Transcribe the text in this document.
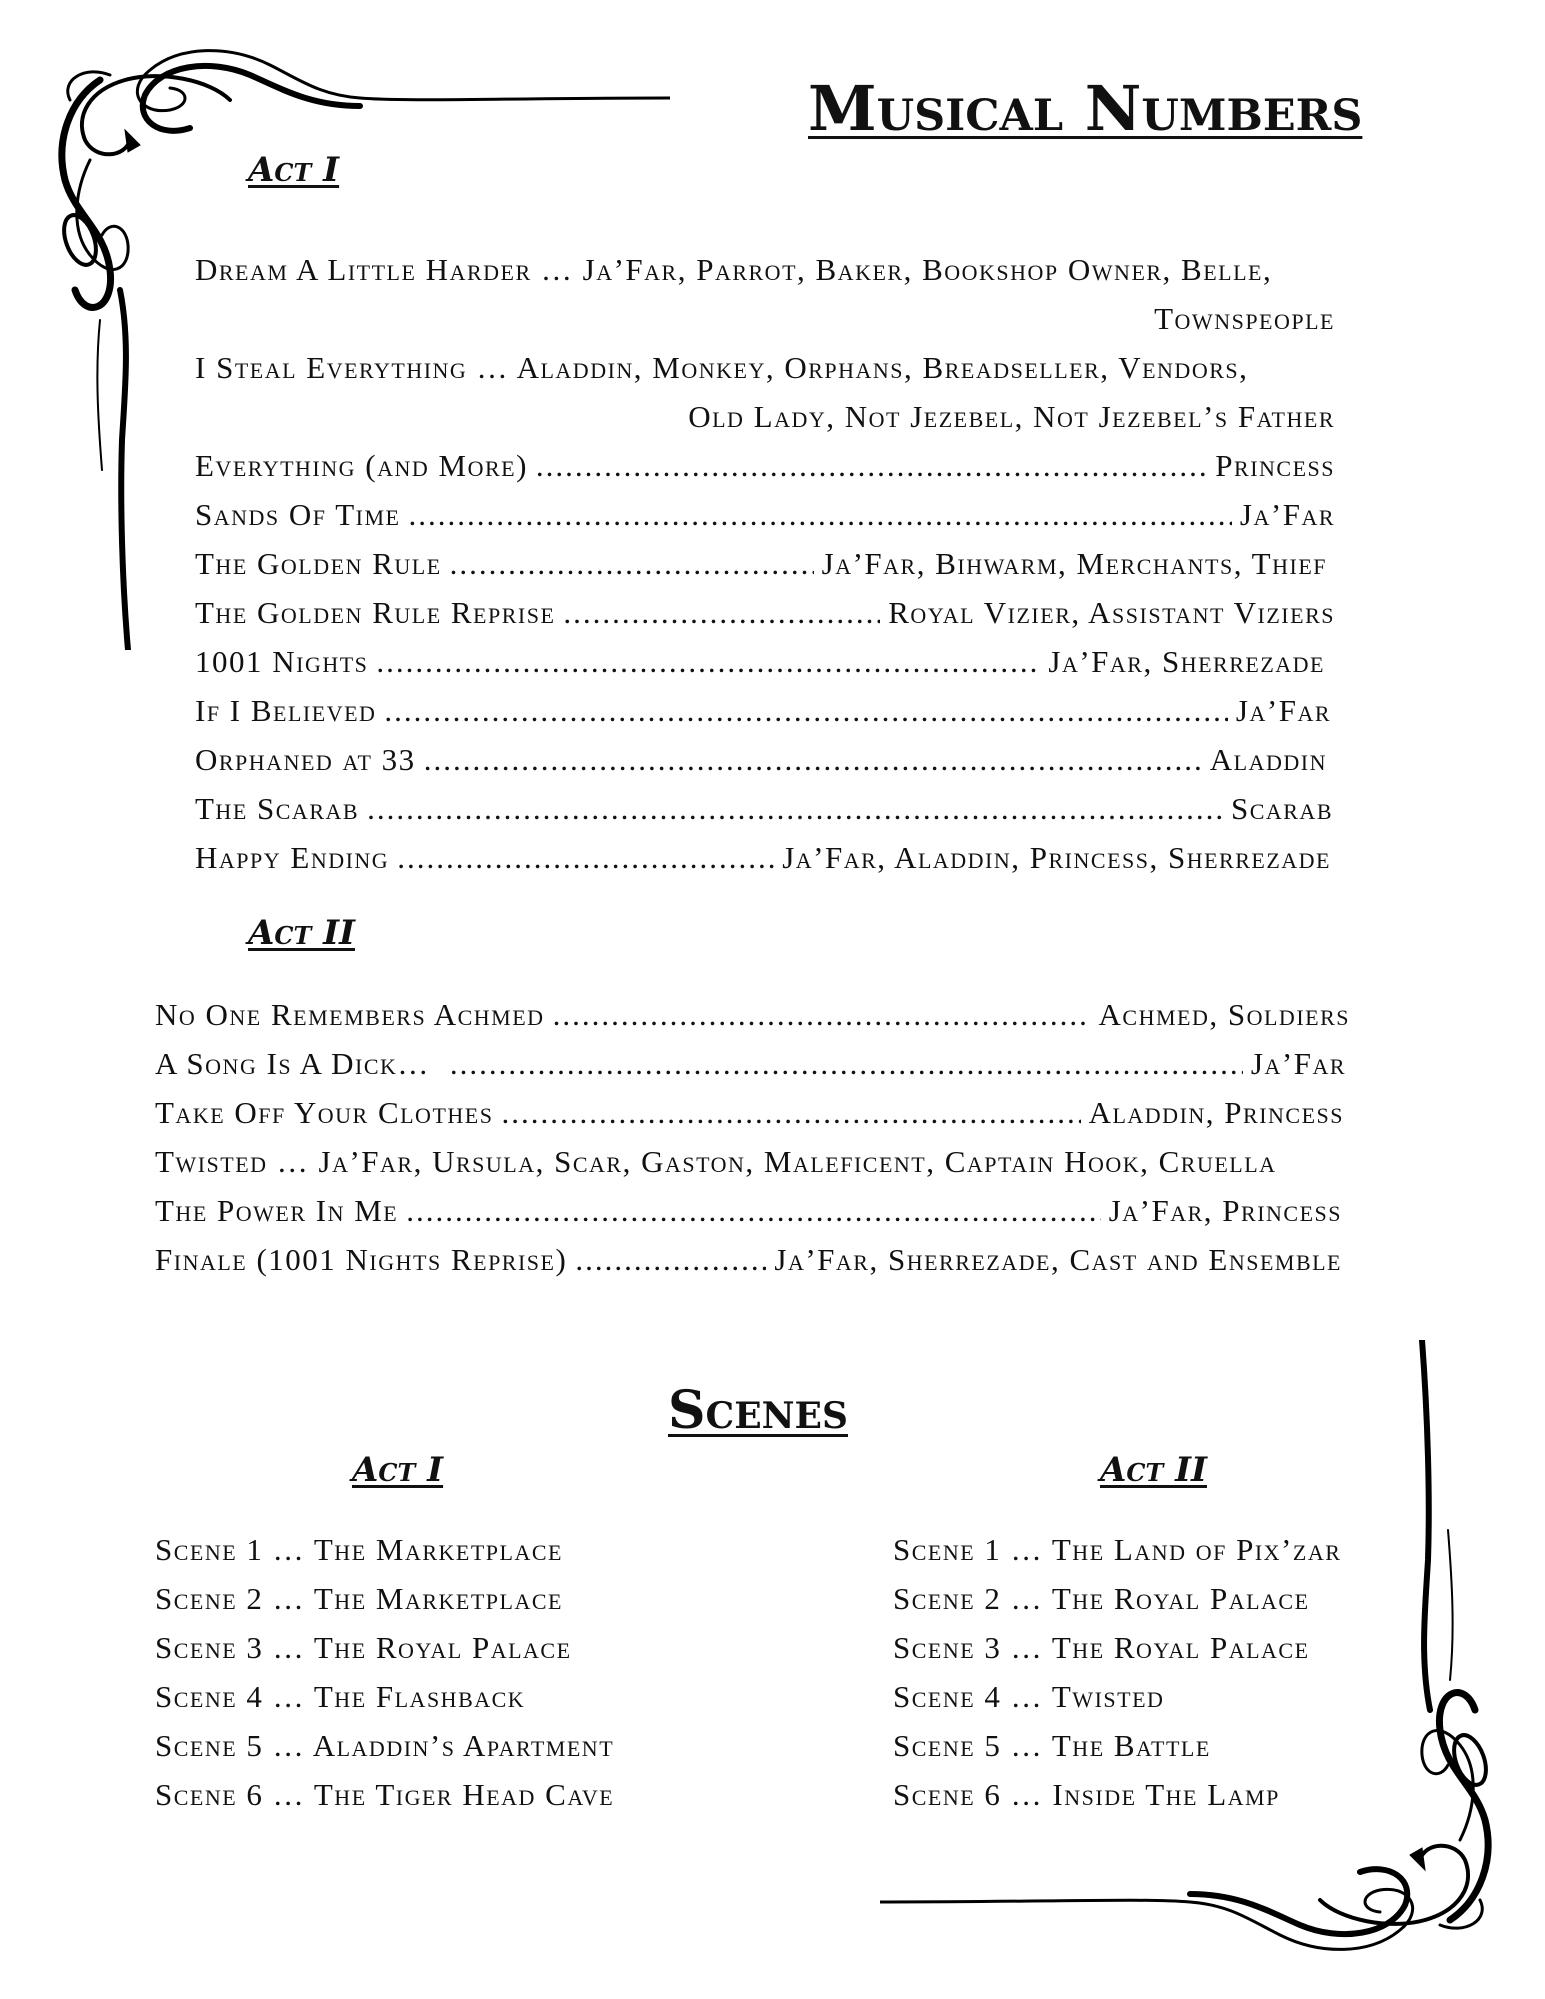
Musical Numbers
Act I
Dream A Little Harder … Ja’Far, Parrot, Baker, Bookshop Owner, Belle,
Townspeople
I Steal Everything … Aladdin, Monkey, Orphans, Breadseller, Vendors,
Old Lady, Not Jezebel, Not Jezebel’s Father
Everything (and More) .....	Princess
Sands Of Time .....	Ja’Far
The Golden Rule .....	Ja’Far, Bihwarm, Merchants, Thief
The Golden Rule Reprise .....	Royal Vizier, Assistant Viziers
1001 Nights .....	Ja’Far, Sherrezade
If I Believed .....	Ja’Far
Orphaned at 33 .....	Aladdin
The Scarab .....	Scarab
Happy Ending .....	Ja’Far, Aladdin, Princess, Sherrezade
Act II
No One Remembers Achmed .....	Achmed, Soldiers
A Song Is A Dick… .....	Ja’Far
Take Off Your Clothes .....	Aladdin, Princess
Twisted … Ja’Far, Ursula, Scar, Gaston, Maleficent, Captain Hook, Cruella
The Power In Me .....	Ja’Far, Princess
Finale (1001 Nights Reprise) .....	Ja’Far, Sherrezade, Cast and Ensemble
Scenes
Act I
Scene 1 … The Marketplace
Scene 2 … The Marketplace
Scene 3 … The Royal Palace
Scene 4 … The Flashback
Scene 5 … Aladdin’s Apartment
Scene 6 … The Tiger Head Cave
Act II
Scene 1 … The Land of Pix’zar
Scene 2 … The Royal Palace
Scene 3 … The Royal Palace
Scene 4 … Twisted
Scene 5 … The Battle
Scene 6 … Inside The Lamp
